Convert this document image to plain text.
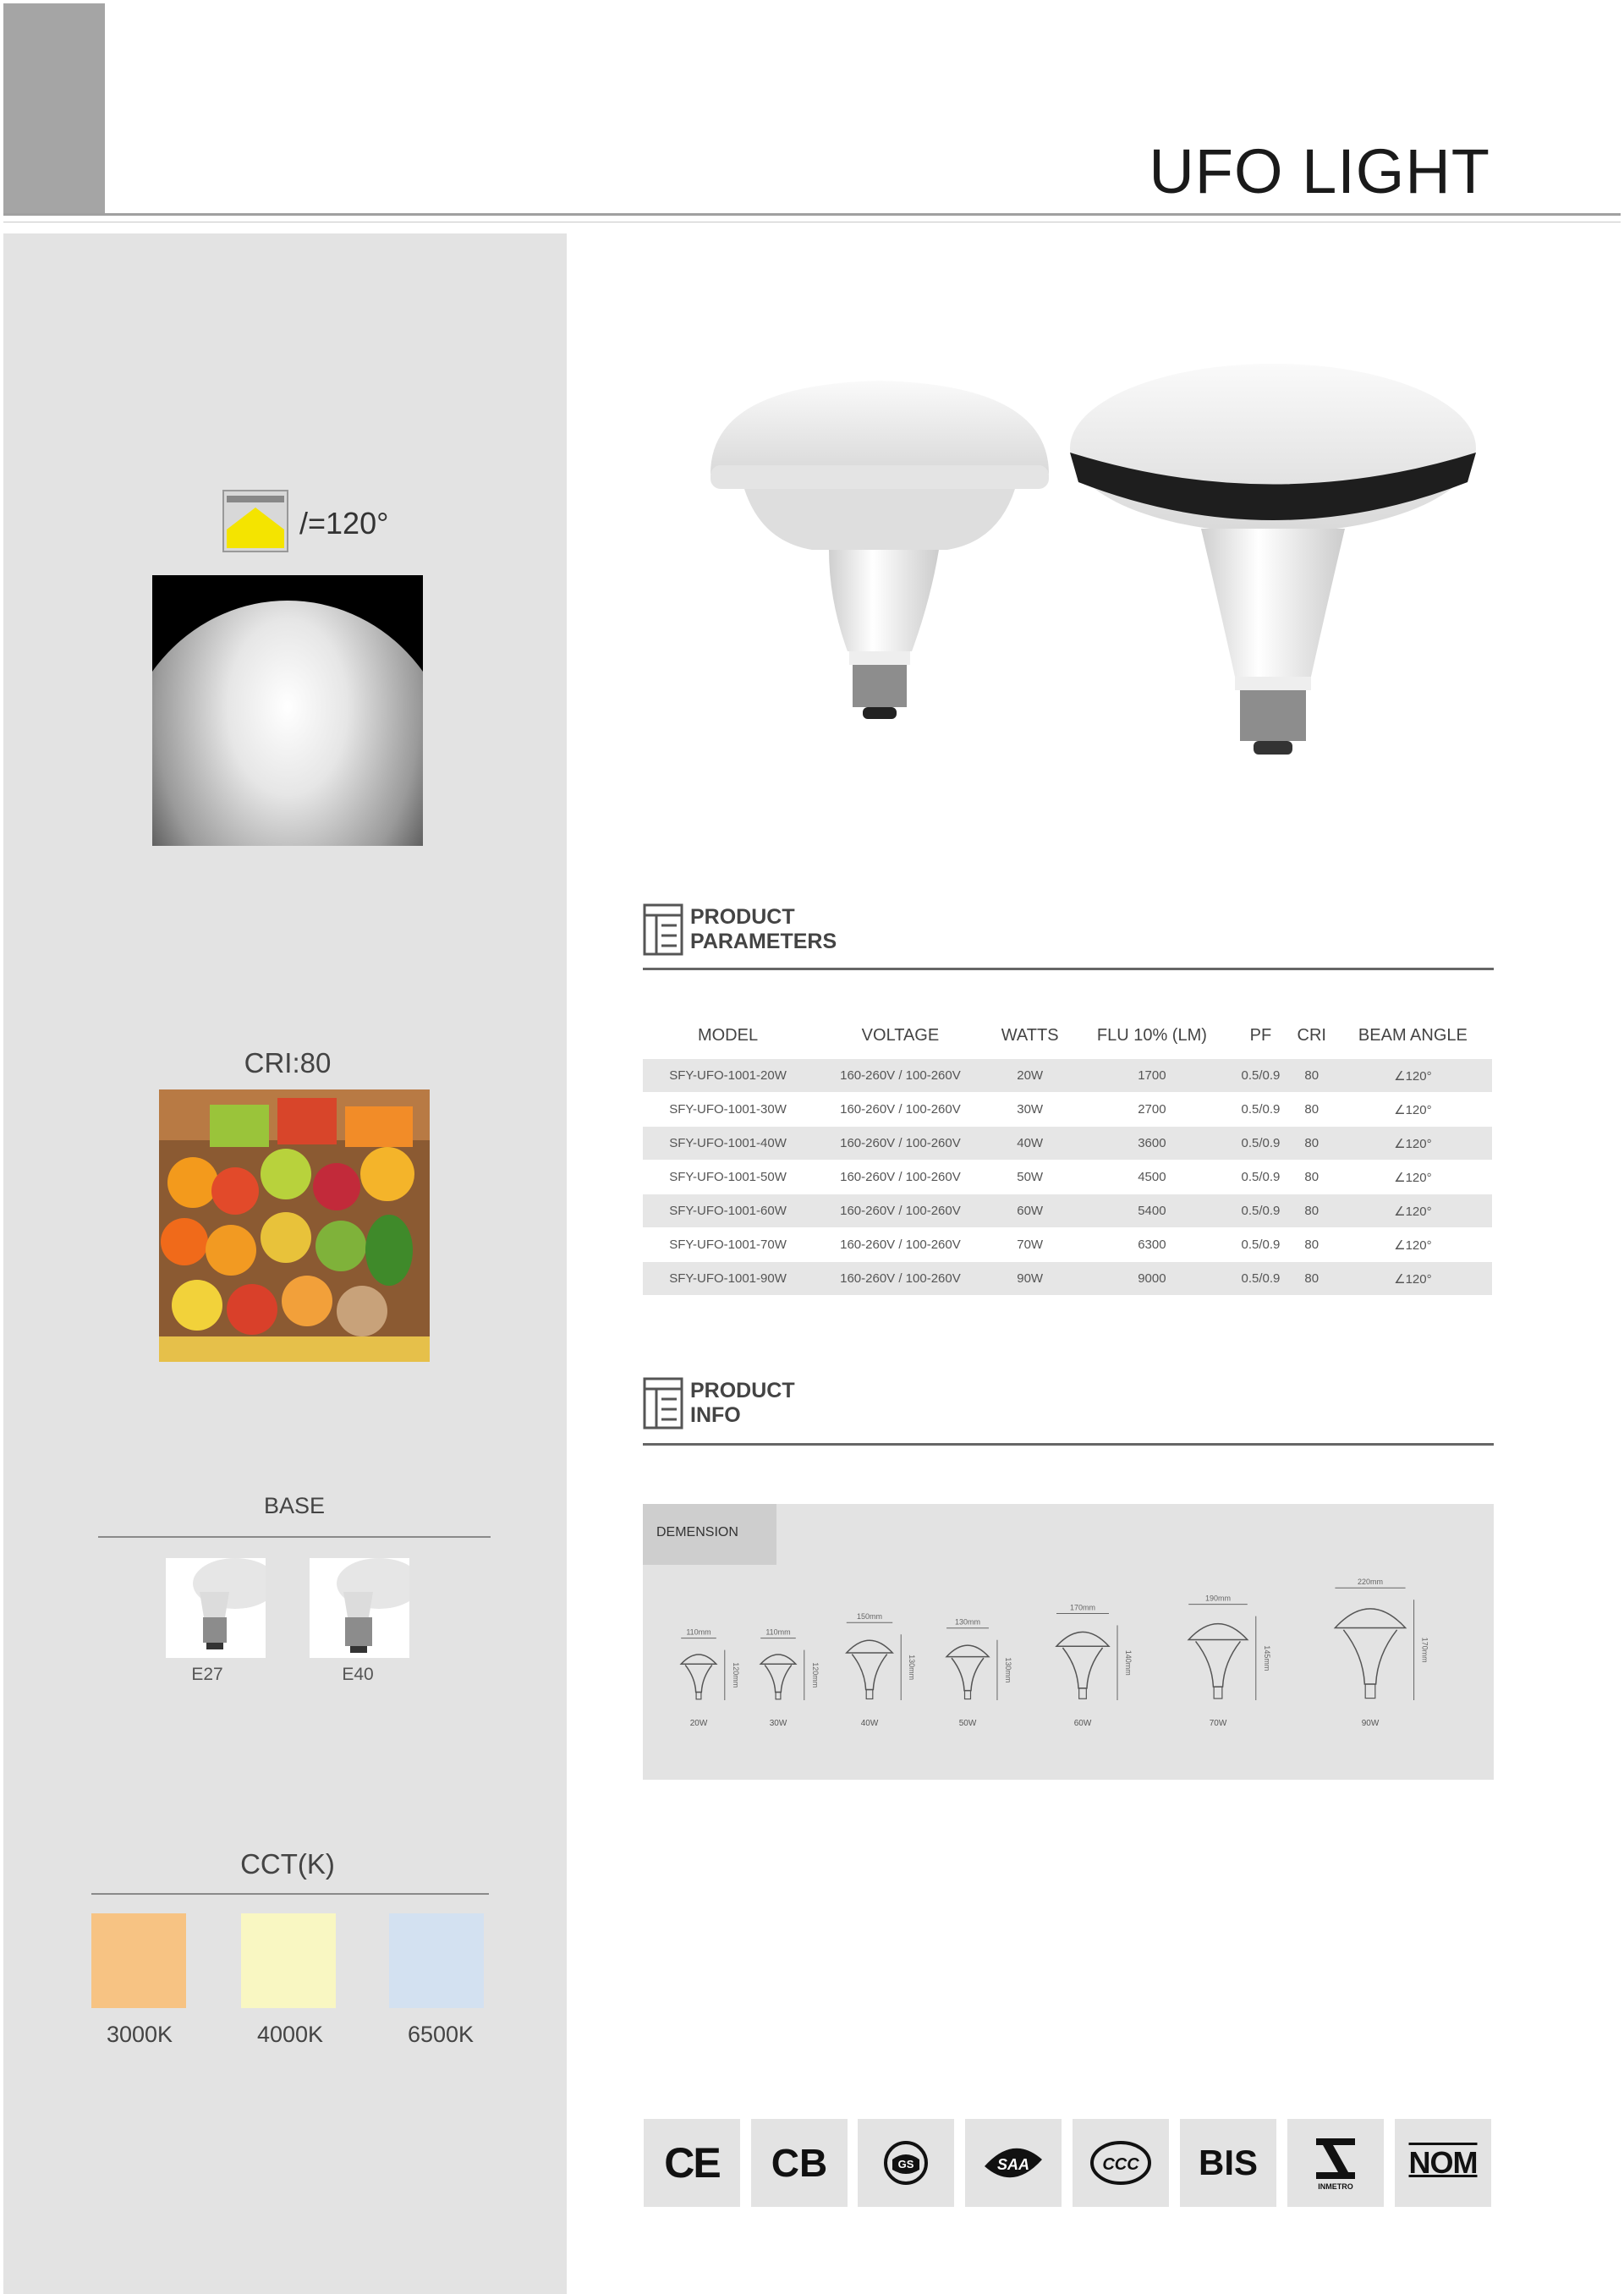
UFO LIGHT
/=120°
CRI:80
BASE
E27	E40
CCT(K)
3000K	4000K	6500K
PRODUCT
PARAMETERS
MODEL	VOLTAGE	WATTS	FLU 10% (LM)	PF	CRI	BEAM ANGLE
SFY-UFO-1001-20W	160-260V / 100-260V	20W	1700	0.5/0.9	80	∠120°
SFY-UFO-1001-30W	160-260V / 100-260V	30W	2700	0.5/0.9	80	∠120°
SFY-UFO-1001-40W	160-260V / 100-260V	40W	3600	0.5/0.9	80	∠120°
SFY-UFO-1001-50W	160-260V / 100-260V	50W	4500	0.5/0.9	80	∠120°
SFY-UFO-1001-60W	160-260V / 100-260V	60W	5400	0.5/0.9	80	∠120°
SFY-UFO-1001-70W	160-260V / 100-260V	70W	6300	0.5/0.9	80	∠120°
SFY-UFO-1001-90W	160-260V / 100-260V	90W	9000	0.5/0.9	80	∠120°
PRODUCT
INFO
DEMENSION
110mm
120mm
20W
110mm
120mm
30W
150mm
130mm
40W
130mm
130mm
50W
170mm
140mm
60W
190mm
145mm
70W
220mm
170mm
90W
CE CB	GS	SAA	CCC BIS
INMETRO
NOM
